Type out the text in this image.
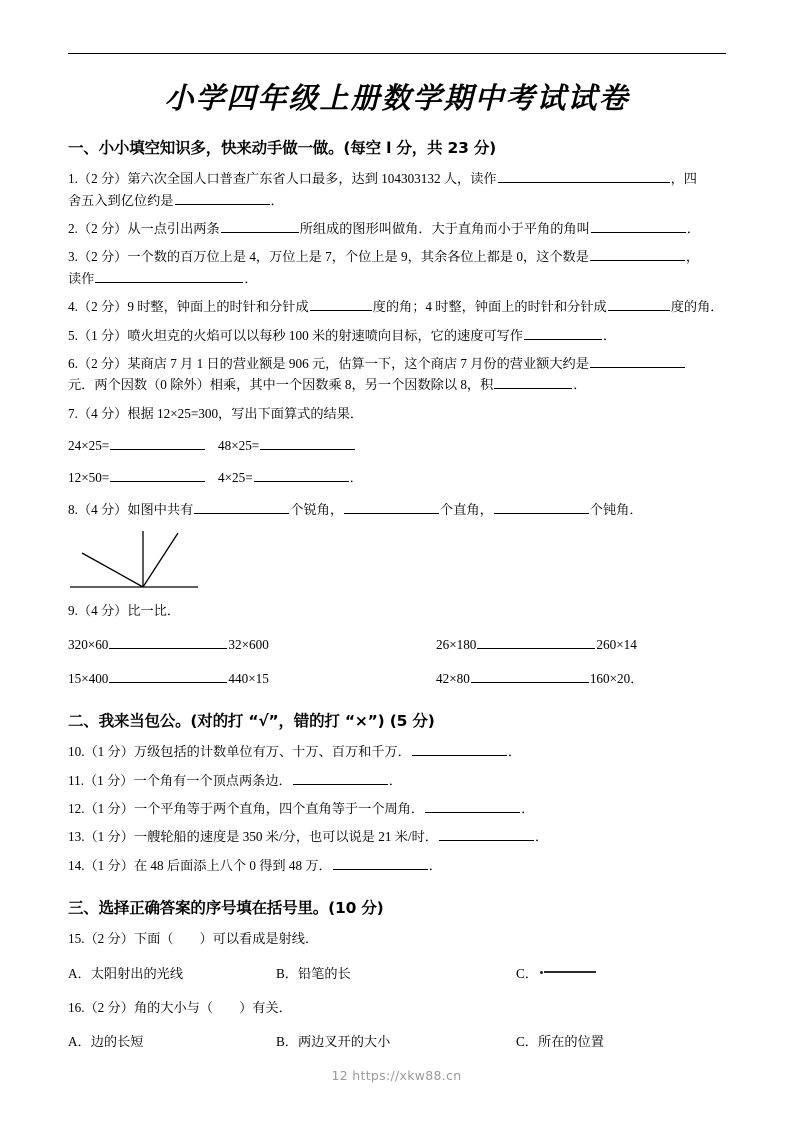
小学四年级上册数学期中考试试卷
一、小小填空知识多，快来动手做一做。(每空 l 分，共 23 分)
1.（2 分）第六次全国人口普查广东省人口最多，达到 104303132 人，读作	，四
舍五入到亿位约是	．
2.（2 分）从一点引出两条	所组成的图形叫做角．大于直角而小于平角的角叫	．
3.（2 分）一个数的百万位上是 4，万位上是 7，个位上是 9，其余各位上都是 0，这个数是	，
读作	．
4.（2 分）9 时整，钟面上的时针和分针成	度的角；4 时整，钟面上的时针和分针成	度的角．
5.（1 分）喷火坦克的火焰可以以每秒 100 米的射速喷向目标，它的速度可写作	．
6.（2 分）某商店 7 月 1 日的营业额是 906 元，估算一下，这个商店 7 月份的营业额大约是
元．两个因数（0 除外）相乘，其中一个因数乘 8，另一个因数除以 8，积	．
7.（4 分）根据 12×25=300，写出下面算式的结果．
24×25=	48×25=
12×50=	4×25=	．
8.（4 分）如图中共有	个锐角，	个直角，	个钝角．
9.（4 分）比一比．
320×60	32×600	26×180	260×14
15×400	440×15	42×80	160×20．
二、我来当包公。(对的打 “√”，错的打 “×”) (5 分)
10.（1 分）万级包括的计数单位有万、十万、百万和千万．	．
11.（1 分）一个角有一个顶点两条边．	．
12.（1 分）一个平角等于两个直角，四个直角等于一个周角．	．
13.（1 分）一艘轮船的速度是 350 米/分，也可以说是 21 米/时．	．
14.（1 分）在 48 后面添上八个 0 得到 48 万．	．
三、选择正确答案的序号填在括号里。(10 分)
15.（2 分）下面（ ）可以看成是射线．
A．太阳射出的光线	B．铅笔的长	C．
16.（2 分）角的大小与（ ）有关．
A．边的长短	B．两边叉开的大小	C．所在的位置
12 https://xkw88.cn
